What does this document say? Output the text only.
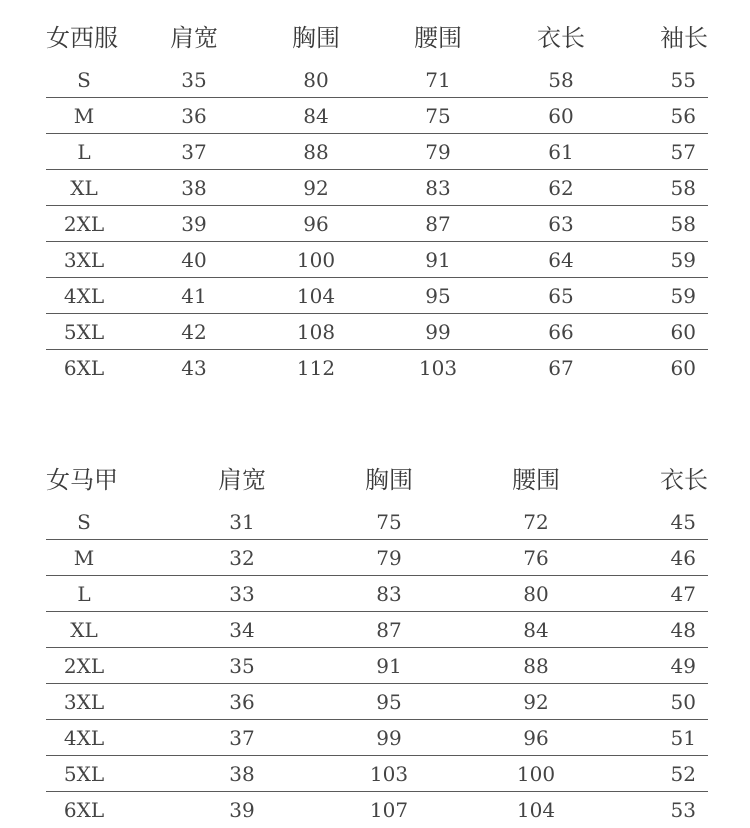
女西服 肩宽	胸围	腰围	衣长	袖长
S	35	80	71	58	55
M	36	84	75	60	56
L	37	88	79	61	57
XL	38	92	83	62	58
2XL	39	96	87	63	58
3XL	40	100	91	64	59
4XL	41	104	95	65	59
5XL	42	108	99	66	60
6XL	43	112	103	67	60
女马甲	肩宽	胸围	腰围	衣长
S	31	75	72	45
M	32	79	76	46
L	33	83	80	47
XL	34	87	84	48
2XL	35	91	88	49
3XL	36	95	92	50
4XL	37	99	96	51
5XL	38	103	100	52
6XL	39	107	104	53
